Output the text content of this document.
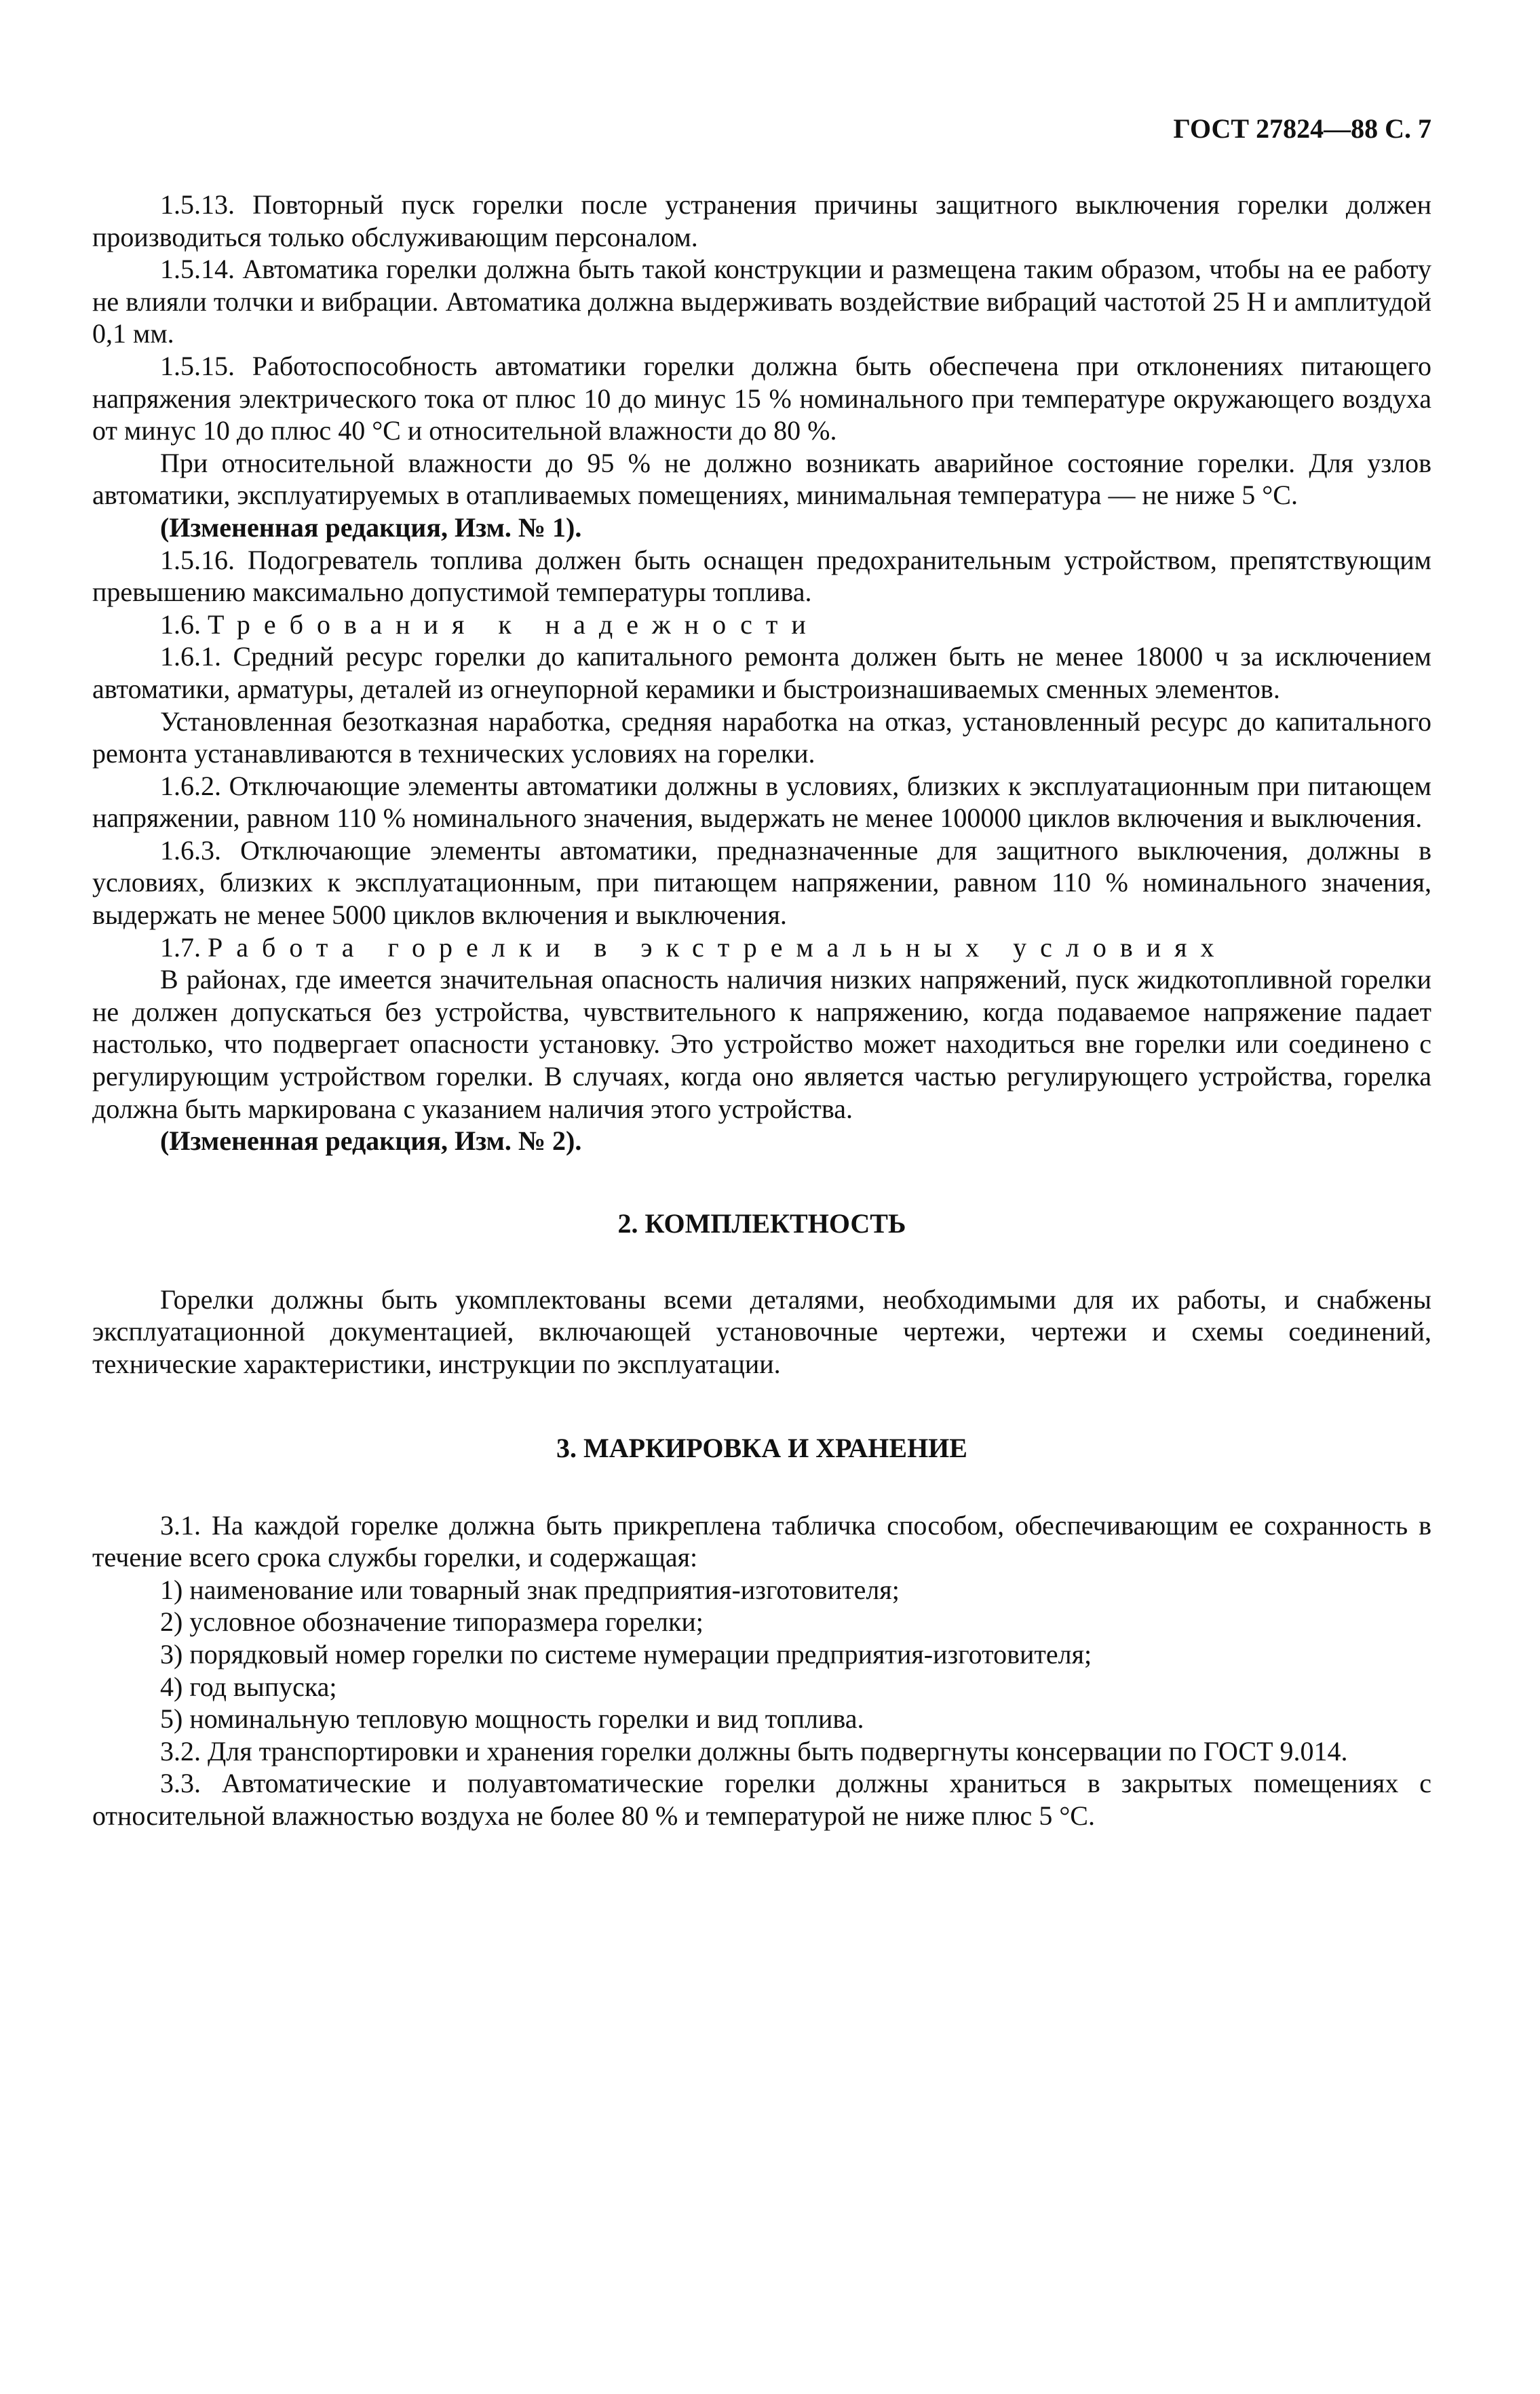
ГОСТ 27824—88 С. 7

1.5.13. Повторный пуск горелки после устранения причины защитного выключения горелки должен производиться только обслуживающим персоналом.

1.5.14. Автоматика горелки должна быть такой конструкции и размещена таким образом, чтобы на ее работу не влияли толчки и вибрации. Автоматика должна выдерживать воздействие вибраций частотой 25 Н и амплитудой 0,1 мм.

1.5.15. Работоспособность автоматики горелки должна быть обеспечена при отклонениях питающего напряжения электрического тока от плюс 10 до минус 15 % номинального при температуре окружающего воздуха от минус 10 до плюс 40 °C и относительной влажности до 80 %.

При относительной влажности до 95 % не должно возникать аварийное состояние горелки. Для узлов автоматики, эксплуатируемых в отапливаемых помещениях, минимальная температура — не ниже 5 °C.

(Измененная редакция, Изм. № 1).

1.5.16. Подогреватель топлива должен быть оснащен предохранительным устройством, препятствующим превышению максимально допустимой температуры топлива.

1.6. Требования к надежности

1.6.1. Средний ресурс горелки до капитального ремонта должен быть не менее 18000 ч за исключением автоматики, арматуры, деталей из огнеупорной керамики и быстроизнашиваемых сменных элементов.

Установленная безотказная наработка, средняя наработка на отказ, установленный ресурс до капитального ремонта устанавливаются в технических условиях на горелки.

1.6.2. Отключающие элементы автоматики должны в условиях, близких к эксплуатационным при питающем напряжении, равном 110 % номинального значения, выдержать не менее 100000 циклов включения и выключения.

1.6.3. Отключающие элементы автоматики, предназначенные для защитного выключения, должны в условиях, близких к эксплуатационным, при питающем напряжении, равном 110 % номинального значения, выдержать не менее 5000 циклов включения и выключения.

1.7. Работа горелки в экстремальных условиях

В районах, где имеется значительная опасность наличия низких напряжений, пуск жидкотопливной горелки не должен допускаться без устройства, чувствительного к напряжению, когда подаваемое напряжение падает настолько, что подвергает опасности установку. Это устройство может находиться вне горелки или соединено с регулирующим устройством горелки. В случаях, когда оно является частью регулирующего устройства, горелка должна быть маркирована с указанием наличия этого устройства.

(Измененная редакция, Изм. № 2).

2. КОМПЛЕКТНОСТЬ

Горелки должны быть укомплектованы всеми деталями, необходимыми для их работы, и снабжены эксплуатационной документацией, включающей установочные чертежи, чертежи и схемы соединений, технические характеристики, инструкции по эксплуатации.

3. МАРКИРОВКА И ХРАНЕНИЕ

3.1. На каждой горелке должна быть прикреплена табличка способом, обеспечивающим ее сохранность в течение всего срока службы горелки, и содержащая:

1) наименование или товарный знак предприятия-изготовителя;

2) условное обозначение типоразмера горелки;

3) порядковый номер горелки по системе нумерации предприятия-изготовителя;

4) год выпуска;

5) номинальную тепловую мощность горелки и вид топлива.

3.2. Для транспортировки и хранения горелки должны быть подвергнуты консервации по ГОСТ 9.014.

3.3. Автоматические и полуавтоматические горелки должны храниться в закрытых помещениях с относительной влажностью воздуха не более 80 % и температурой не ниже плюс 5 °C.
